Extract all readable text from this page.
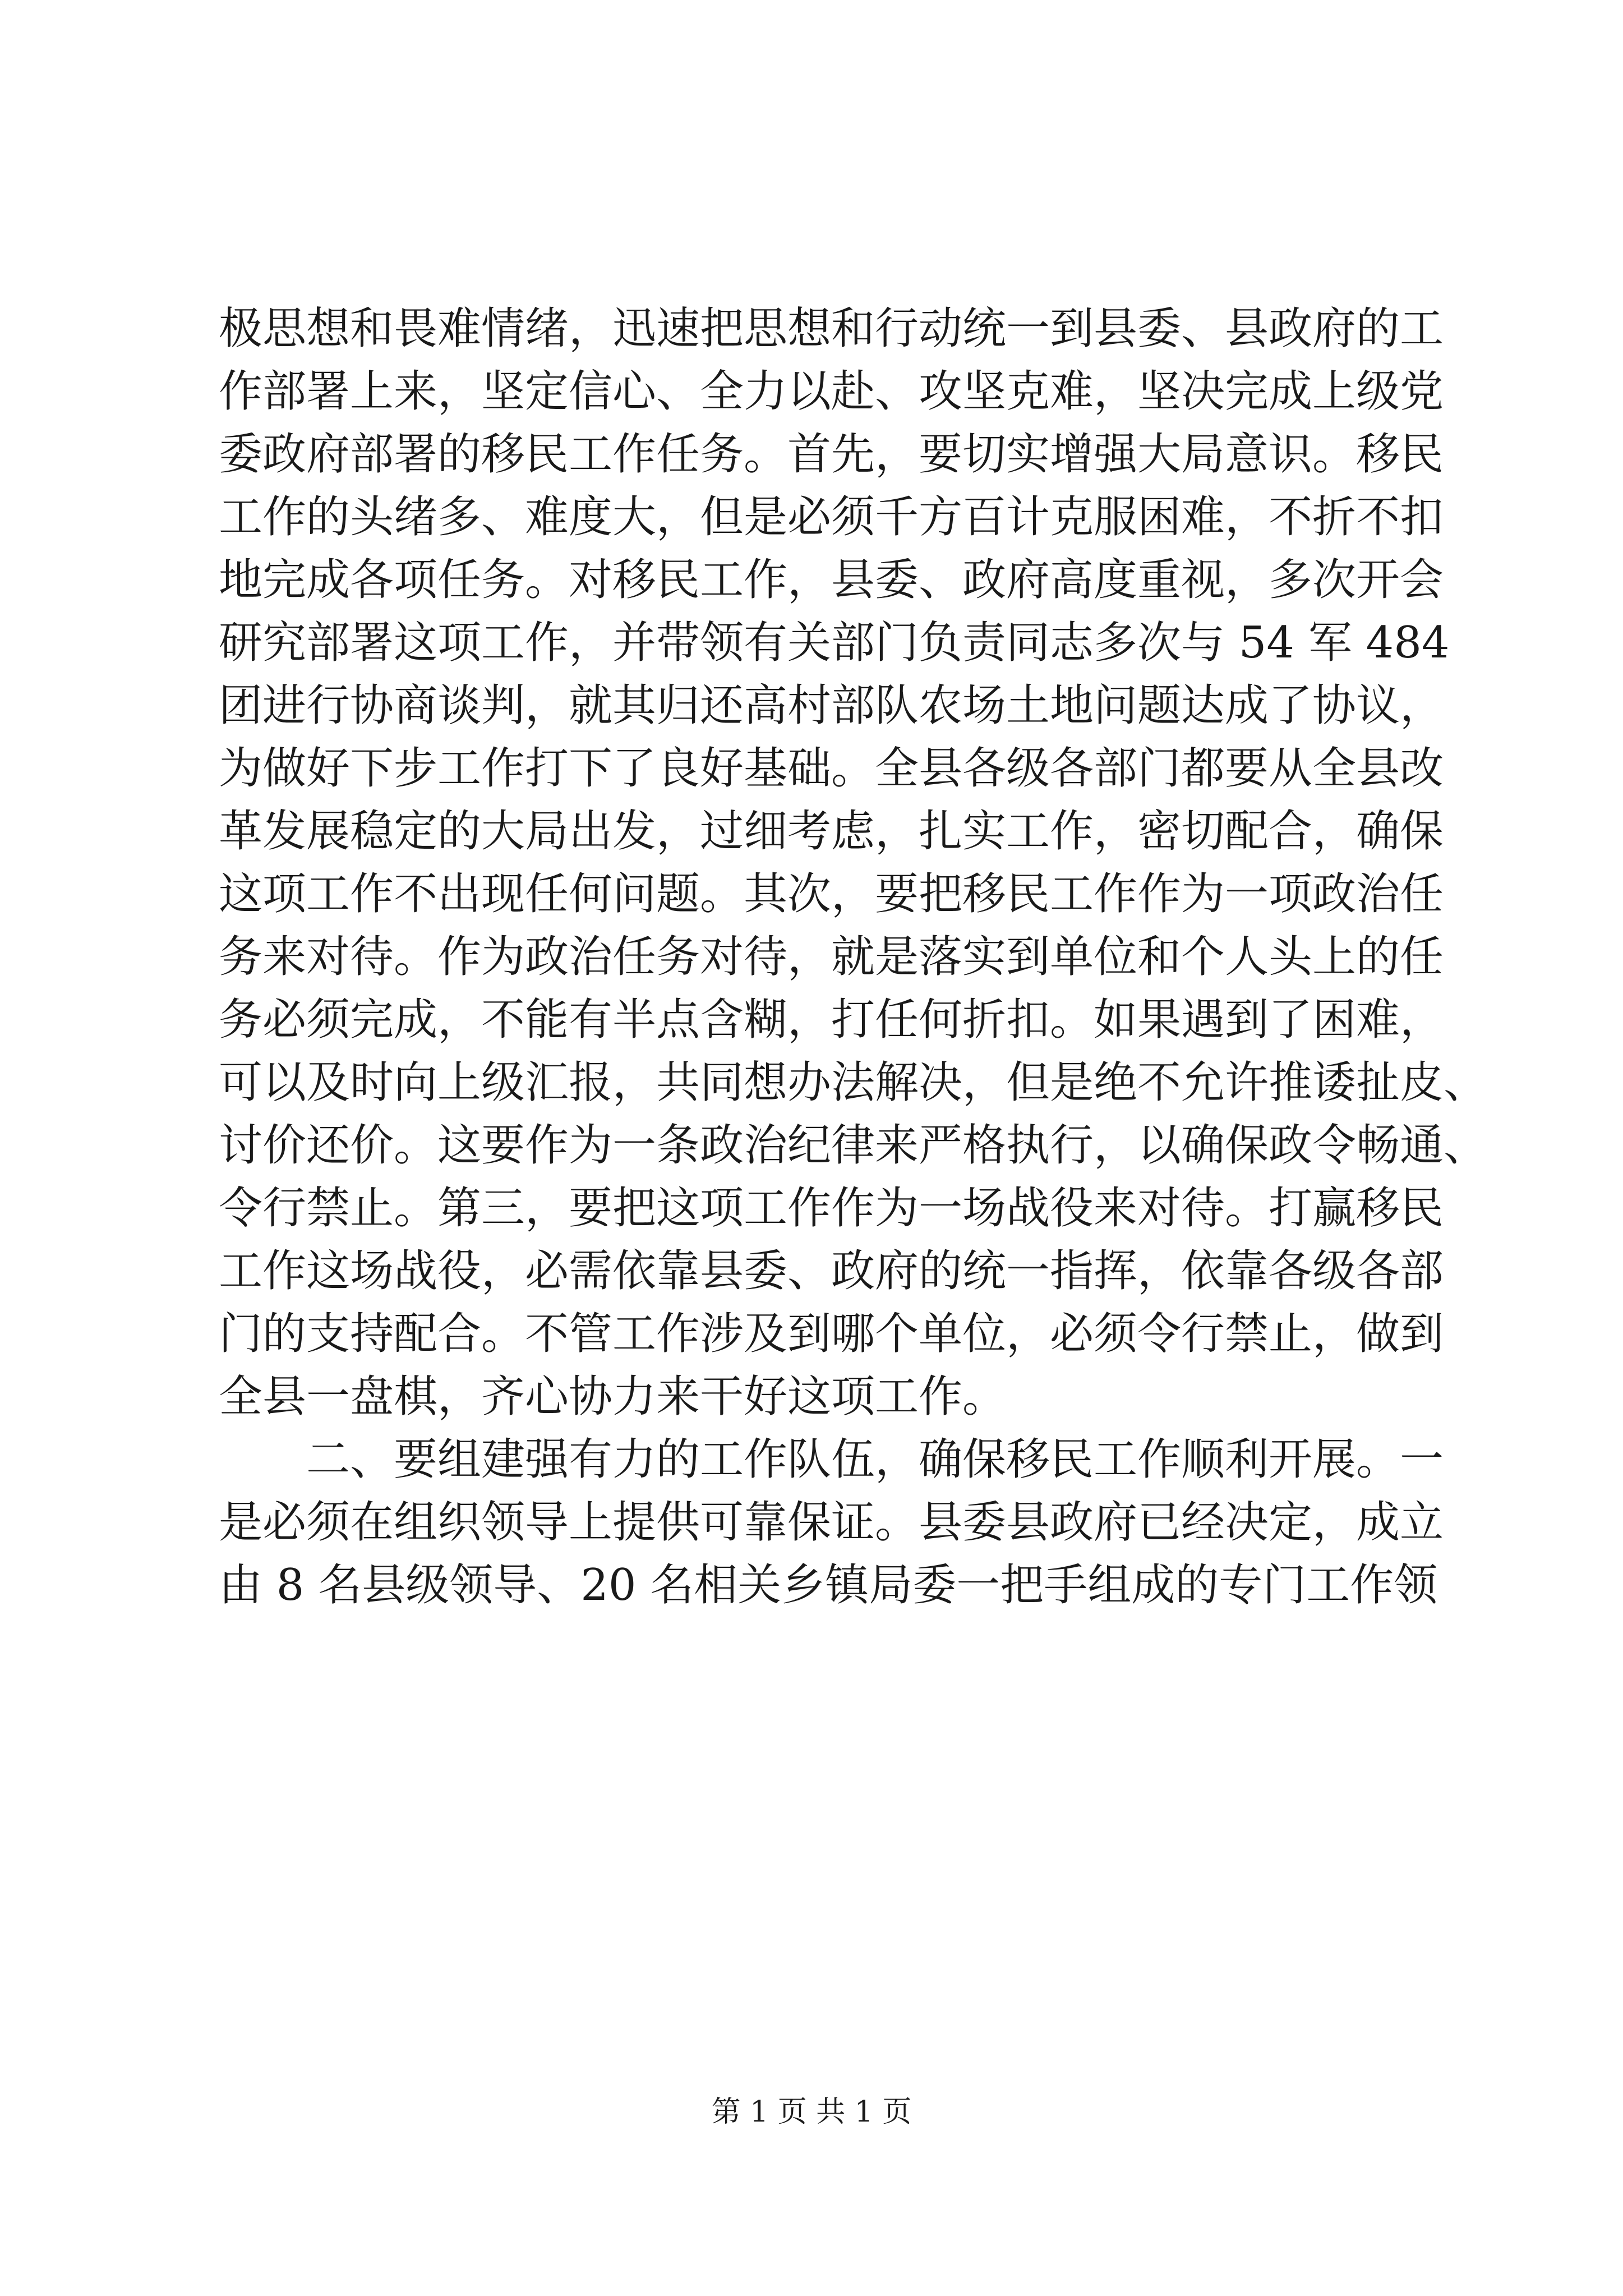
极思想和畏难情绪，迅速把思想和行动统一到县委、县政府的工
作部署上来，坚定信心、全力以赴、攻坚克难，坚决完成上级党
委政府部署的移民工作任务。首先，要切实增强大局意识。移民
工作的头绪多、难度大，但是必须千方百计克服困难，不折不扣
地完成各项任务。对移民工作，县委、政府高度重视，多次开会
研究部署这项工作，并带领有关部门负责同志多次与 54 军 484
团进行协商谈判，就其归还高村部队农场土地问题达成了协议，
为做好下步工作打下了良好基础。全县各级各部门都要从全县改
革发展稳定的大局出发，过细考虑，扎实工作，密切配合，确保
这项工作不出现任何问题。其次，要把移民工作作为一项政治任
务来对待。作为政治任务对待，就是落实到单位和个人头上的任
务必须完成，不能有半点含糊，打任何折扣。如果遇到了困难，
可以及时向上级汇报，共同想办法解决，但是绝不允许推诿扯皮、
讨价还价。这要作为一条政治纪律来严格执行，以确保政令畅通、
令行禁止。第三，要把这项工作作为一场战役来对待。打赢移民
工作这场战役，必需依靠县委、政府的统一指挥，依靠各级各部
门的支持配合。不管工作涉及到哪个单位，必须令行禁止，做到
全县一盘棋，齐心协力来干好这项工作。
二、要组建强有力的工作队伍，确保移民工作顺利开展。一
是必须在组织领导上提供可靠保证。县委县政府已经决定，成立
由 8 名县级领导、20 名相关乡镇局委一把手组成的专门工作领
第 1 页 共 1 页
